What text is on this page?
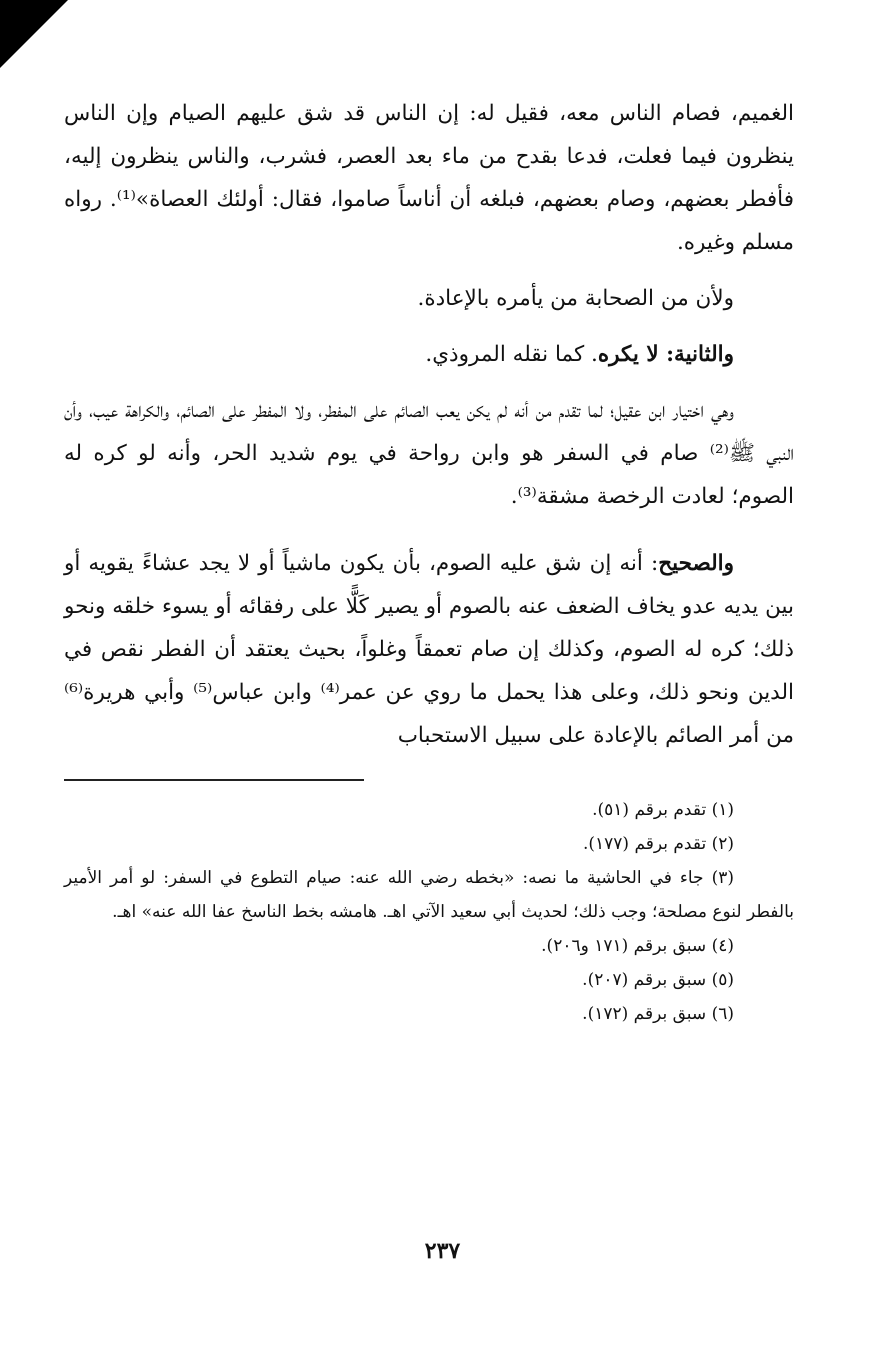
الغميم، فصام الناس معه، فقيل له: إن الناس قد شق عليهم الصيام وإن الناس ينظرون فيما فعلت، فدعا بقدح من ماء بعد العصر، فشرب، والناس ينظرون إليه، فأفطر بعضهم، وصام بعضهم، فبلغه أن أناساً صاموا، فقال: أولئك العصاة»⁽¹⁾. رواه مسلم وغيره.

ولأن من الصحابة من يأمره بالإعادة.

والثانية: لا يكره. كما نقله المروذي.

وهي اختيار ابن عقيل؛ لما تقدم من أنه لم يكن يعب الصائم على المفطر، ولا المفطر على الصائم، والكراهة عيب، وأن النبي ﷺ⁽²⁾ صام في السفر هو وابن رواحة في يوم شديد الحر، وأنه لو كره له الصوم؛ لعادت الرخصة مشقة⁽³⁾.

والصحيح: أنه إن شق عليه الصوم، بأن يكون ماشياً أو لا يجد عشاءً يقويه أو بين يديه عدو يخاف الضعف عنه بالصوم أو يصير كَلًّا على رفقائه أو يسوء خلقه ونحو ذلك؛ كره له الصوم، وكذلك إن صام تعمقاً وغلواً، بحيث يعتقد أن الفطر نقص في الدين ونحو ذلك، وعلى هذا يحمل ما روي عن عمر⁽⁴⁾ وابن عباس⁽⁵⁾ وأبي هريرة⁽⁶⁾ من أمر الصائم بالإعادة على سبيل الاستحباب

(١) تقدم برقم (٥١).

(٢) تقدم برقم (١٧٧).

(٣) جاء في الحاشية ما نصه: «بخطه رضي الله عنه: صيام التطوع في السفر: لو أمر الأمير بالفطر لنوع مصلحة؛ وجب ذلك؛ لحديث أبي سعيد الآتي اهـ. هامشه بخط الناسخ عفا الله عنه» اهـ.

(٤) سبق برقم (١٧١ و٢٠٦).

(٥) سبق برقم (٢٠٧).

(٦) سبق برقم (١٧٢).

٢٣٧
